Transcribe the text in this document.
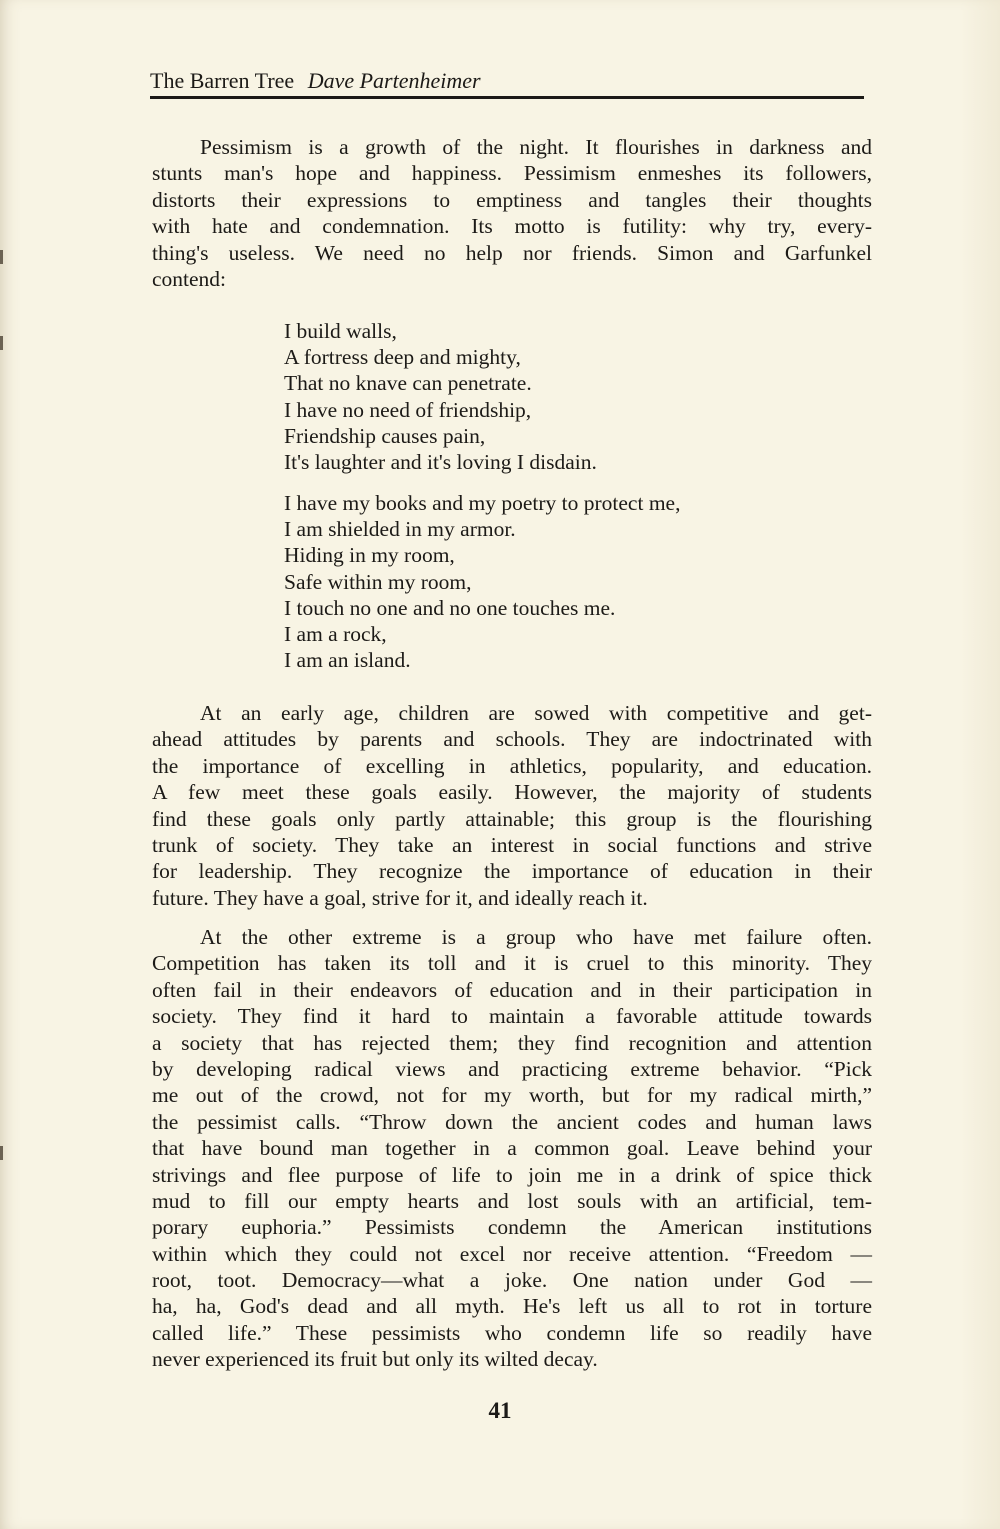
The Barren Tree Dave Partenheimer
Pessimism is a growth of the night. It flourishes in darkness and
stunts man's hope and happiness. Pessimism enmeshes its followers,
distorts their expressions to emptiness and tangles their thoughts
with hate and condemnation. Its motto is futility: why try, every-
thing's useless. We need no help nor friends. Simon and Garfunkel
contend:
I build walls,
A fortress deep and mighty,
That no knave can penetrate.
I have no need of friendship,
Friendship causes pain,
It's laughter and it's loving I disdain.
I have my books and my poetry to protect me,
I am shielded in my armor.
Hiding in my room,
Safe within my room,
I touch no one and no one touches me.
I am a rock,
I am an island.
At an early age, children are sowed with competitive and get-
ahead attitudes by parents and schools. They are indoctrinated with
the importance of excelling in athletics, popularity, and education.
A few meet these goals easily. However, the majority of students
find these goals only partly attainable; this group is the flourishing
trunk of society. They take an interest in social functions and strive
for leadership. They recognize the importance of education in their
future. They have a goal, strive for it, and ideally reach it.
At the other extreme is a group who have met failure often.
Competition has taken its toll and it is cruel to this minority. They
often fail in their endeavors of education and in their participation in
society. They find it hard to maintain a favorable attitude towards
a society that has rejected them; they find recognition and attention
by developing radical views and practicing extreme behavior. “Pick
me out of the crowd, not for my worth, but for my radical mirth,”
the pessimist calls. “Throw down the ancient codes and human laws
that have bound man together in a common goal. Leave behind your
strivings and flee purpose of life to join me in a drink of spice thick
mud to fill our empty hearts and lost souls with an artificial, tem-
porary euphoria.” Pessimists condemn the American institutions
within which they could not excel nor receive attention. “Freedom —
root, toot. Democracy—what a joke. One nation under God —
ha, ha, God's dead and all myth. He's left us all to rot in torture
called life.” These pessimists who condemn life so readily have
never experienced its fruit but only its wilted decay.
41
